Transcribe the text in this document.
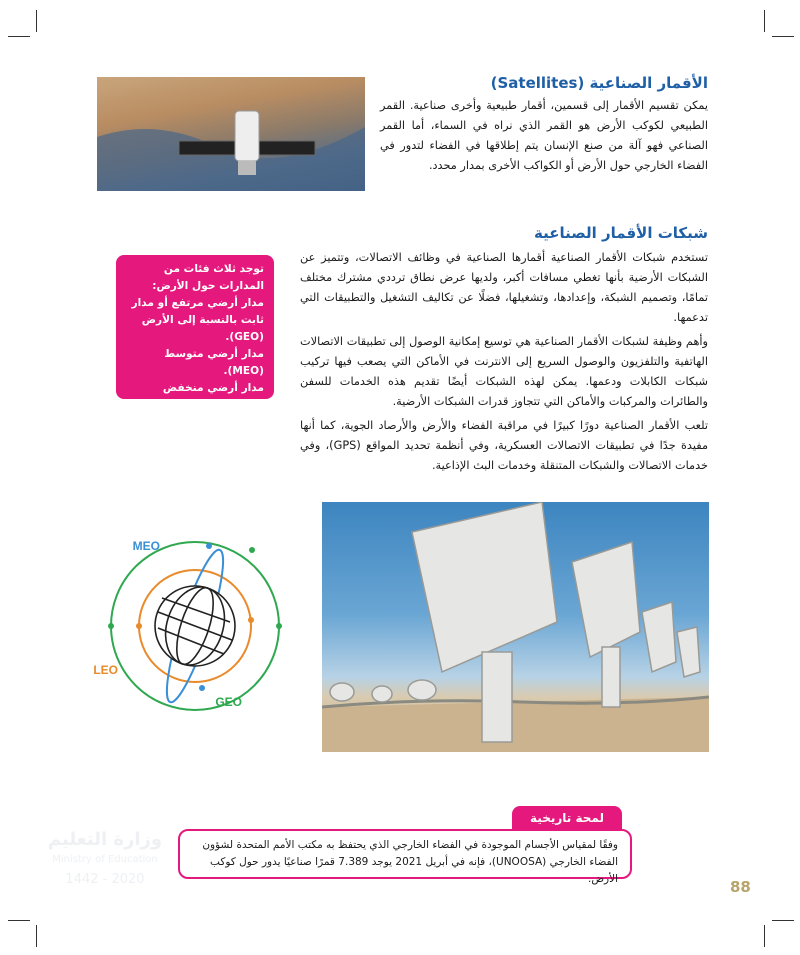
الأقمار الصناعية (Satellites)

يمكن تقسيم الأقمار إلى قسمين، أقمار طبيعية وأخرى صناعية. القمر الطبيعي لكوكب الأرض هو القمر الذي نراه في السماء، أما القمر الصناعي فهو آلة من صنع الإنسان يتم إطلاقها في الفضاء لتدور في الفضاء الخارجي حول الأرض أو الكواكب الأخرى بمدار محدد.

شبكات الأقمار الصناعية

تستخدم شبكات الأقمار الصناعية أقمارها الصناعية في وظائف الاتصالات، وتتميز عن الشبكات الأرضية بأنها تغطي مسافات أكبر، ولديها عرض نطاق ترددي مشترك مختلف تمامًا، وتصميم الشبكة، وإعدادها، وتشغيلها، فضلًا عن تكاليف التشغيل والتطبيقات التي تدعمها.

وأهم وظيفة لشبكات الأقمار الصناعية هي توسيع إمكانية الوصول إلى تطبيقات الاتصالات الهاتفية والتلفزيون والوصول السريع إلى الانترنت في الأماكن التي يصعب فيها تركيب شبكات الكابلات ودعمها. يمكن لهذه الشبكات أيضًا تقديم هذه الخدمات للسفن والطائرات والمركبات والأماكن التي تتجاوز قدرات الشبكات الأرضية.

تلعب الأقمار الصناعية دورًا كبيرًا في مراقبة الفضاء والأرض والأرصاد الجوية، كما أنها مفيدة جدًا في تطبيقات الاتصالات العسكرية، وفي أنظمة تحديد المواقع (GPS)، وفي خدمات الاتصالات والشبكات المتنقلة وخدمات البث الإذاعية.

توجد ثلاث فئات من المدارات حول الأرض:

مدار أرضي مرتفع أو مدار ثابت بالنسبة إلى الأرض (GEO).

مدار أرضي متوسط (MEO).

مدار أرضي منخفض (LEO).

MEO
LEO
GEO
وزارة التعليم
Ministry of Education
2020 - 1442
لمحة تاريخية
وفقًا لمقياس الأجسام الموجودة في الفضاء الخارجي الذي يحتفظ به مكتب الأمم المتحدة لشؤون الفضاء الخارجي (UNOOSA)، فإنه في أبريل 2021 يوجد 7.389 قمرًا صناعيًا يدور حول كوكب الأرض.	88
